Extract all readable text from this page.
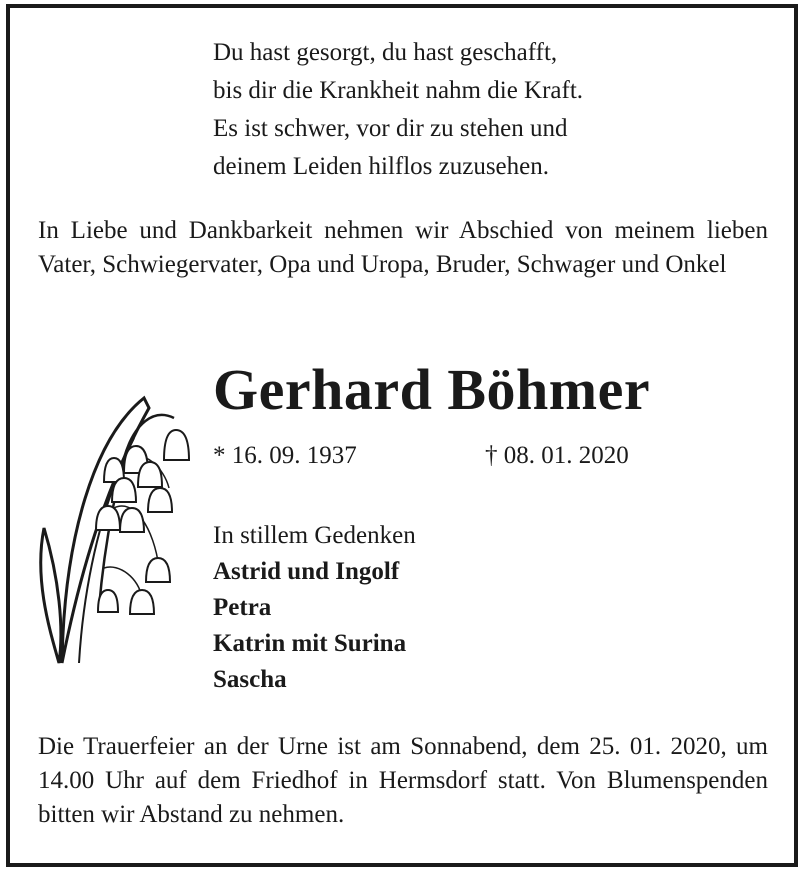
Du hast gesorgt, du hast geschafft,
bis dir die Krankheit nahm die Kraft.
Es ist schwer, vor dir zu stehen und
deinem Leiden hilflos zuzusehen.
In Liebe und Dankbarkeit nehmen wir Abschied von meinem lieben Vater, Schwiegervater, Opa und Uropa, Bruder, Schwager und Onkel
Gerhard Böhmer
* 16. 09. 1937	† 08. 01. 2020
In stillem Gedenken
Astrid und Ingolf
Petra
Katrin mit Surina
Sascha
Die Trauerfeier an der Urne ist am Sonnabend, dem 25. 01. 2020, um 14.00 Uhr auf dem Friedhof in Hermsdorf statt. Von Blumenspenden bitten wir Abstand zu nehmen.
